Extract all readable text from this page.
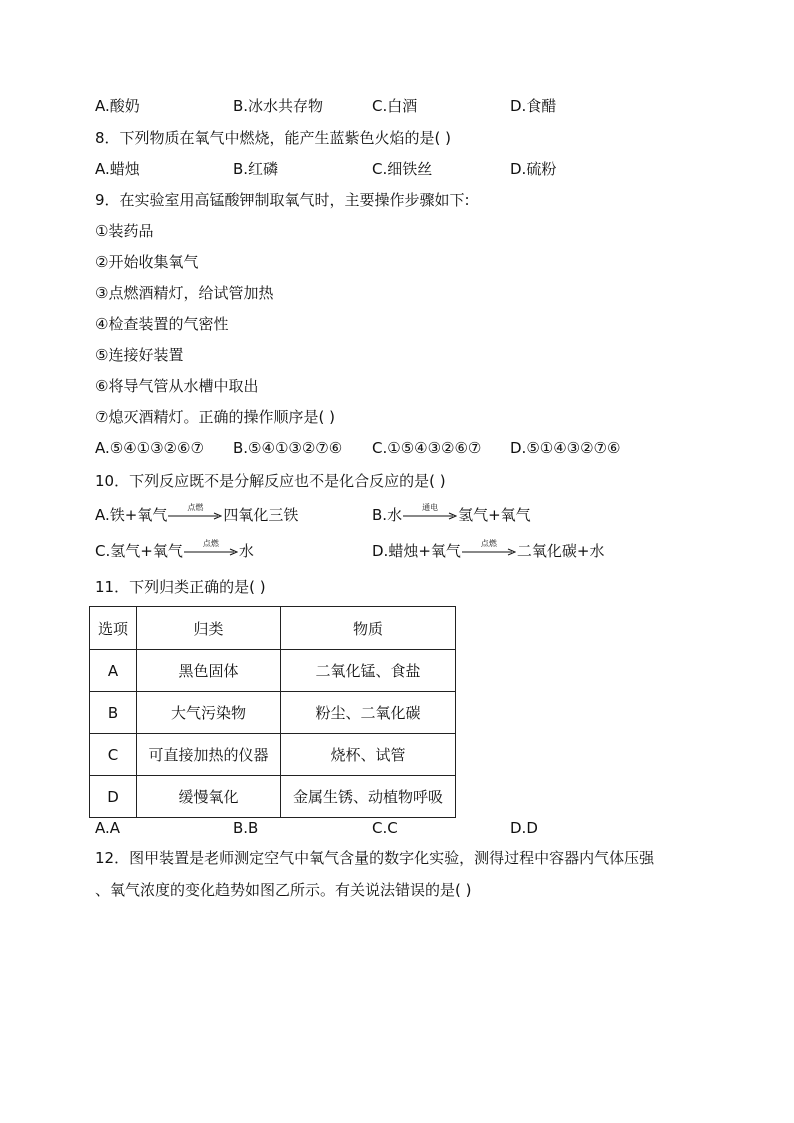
A.酸奶	B.冰水共存物	C.白酒	D.食醋
8．下列物质在氧气中燃烧，能产生蓝紫色火焰的是( )
A.蜡烛	B.红磷	C.细铁丝	D.硫粉
9．在实验室用高锰酸钾制取氧气时，主要操作步骤如下:
①装药品
②开始收集氧气
③点燃酒精灯，给试管加热
④检查装置的气密性
⑤连接好装置
⑥将导气管从水槽中取出
⑦熄灭酒精灯。正确的操作顺序是( )
A.⑤④①③②⑥⑦ B.⑤④①③②⑦⑥ C.①⑤④③②⑥⑦ D.⑤①④③②⑦⑥
10．下列反应既不是分解反应也不是化合反应的是( )
A.铁+氧气	点燃	四氧化三铁	B.水	通电	氢气+氧气
C.氢气+氧气	点燃	水	D.蜡烛+氧气	点燃	二氧化碳+水
11．下列归类正确的是( )
选项	归类	物质
A	黑色固体	二氧化锰、食盐
B	大气污染物	粉尘、二氧化碳
C	可直接加热的仪器	烧杯、试管
D	缓慢氧化	金属生锈、动植物呼吸
A.A	B.B	C.C	D.D
12．图甲装置是老师测定空气中氧气含量的数字化实验，测得过程中容器内气体压强
、氧气浓度的变化趋势如图乙所示。有关说法错误的是( )
